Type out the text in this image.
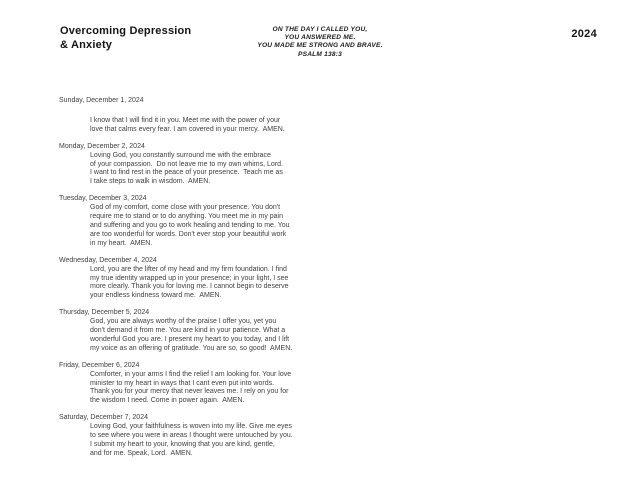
Overcoming Depression
& Anxiety
ON THE DAY I CALLED YOU,
YOU ANSWERED ME.
YOU MADE ME STRONG AND BRAVE.
PSALM 138:3
2024
Sunday, December 1, 2024
I know that I will find it in you. Meet me with the power of your
love that calms every fear. I am covered in your mercy.  AMEN.
Monday, December 2, 2024
Loving God, you constantly surround me with the embrace
of your compassion.  Do not leave me to my own whims, Lord.
I want to find rest in the peace of your presence.  Teach me as
I take steps to walk in wisdom.  AMEN.
Tuesday, December 3, 2024
God of my comfort, come close with your presence. You don't
require me to stand or to do anything. You meet me in my pain
and suffering and you go to work healing and tending to me. You
are too wonderful for words. Don't ever stop your beautiful work
in my heart.  AMEN.
Wednesday, December 4, 2024
Lord, you are the lifter of my head and my firm foundation. I find
my true identity wrapped up in your presence; in your light, I see
more clearly. Thank you for loving me. I cannot begin to deserve
your endless kindness toward me.  AMEN.
Thursday, December 5, 2024
God, you are always worthy of the praise I offer you, yet you
don't demand it from me. You are kind in your patience. What a
wonderful God you are. I present my heart to you today, and I lift
my voice as an offering of gratitude. You are so, so good!  AMEN.
Friday, December 6, 2024
Comforter, in your arms I find the relief I am looking for. Your love
minister to my heart in ways that I cant even put into words.
Thank you for your mercy that never leaves me. I rely on you for
the wisdom I need. Come in power again.  AMEN.
Saturday, December 7, 2024
Loving God, your faithfulness is woven into my life. Give me eyes
to see where you were in areas I thought were untouched by you.
I submit my heart to your, knowing that you are kind, gentle,
and for me. Speak, Lord.  AMEN.
